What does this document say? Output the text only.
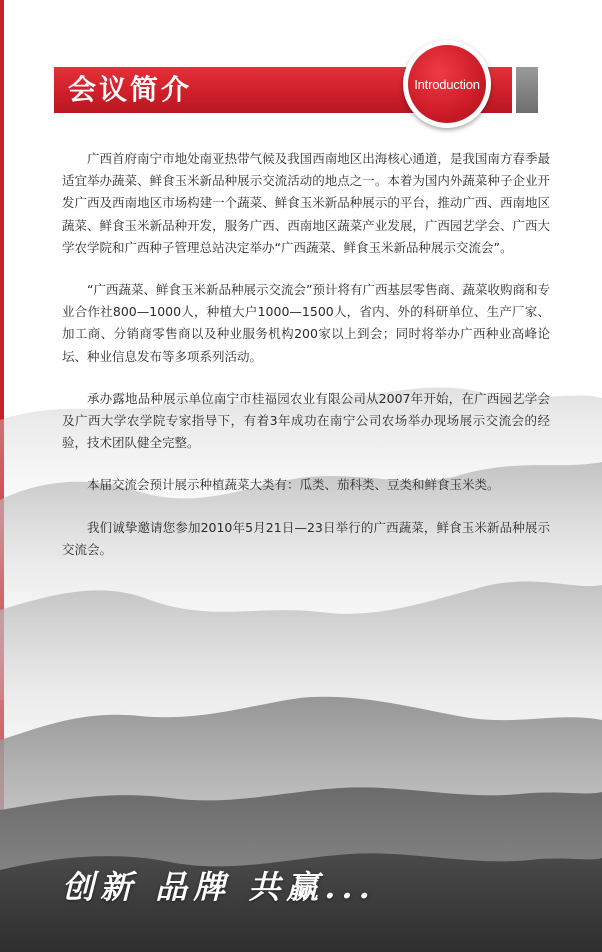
会议简介	Introduction

广西首府南宁市地处南亚热带气候及我国西南地区出海核心通道，是我国南方春季最适宜举办蔬菜、鲜食玉米新品种展示交流活动的地点之一。本着为国内外蔬菜种子企业开发广西及西南地区市场构建一个蔬菜、鲜食玉米新品种展示的平台，推动广西、西南地区蔬菜、鲜食玉米新品种开发，服务广西、西南地区蔬菜产业发展，广西园艺学会、广西大学农学院和广西种子管理总站决定举办“广西蔬菜、鲜食玉米新品种展示交流会”。

“广西蔬菜、鲜食玉米新品种展示交流会”预计将有广西基层零售商、蔬菜收购商和专业合作社800—1000人，种植大户1000—1500人，省内、外的科研单位、生产厂家、加工商、分销商零售商以及种业服务机构200家以上到会；同时将举办广西种业高峰论坛、种业信息发布等多项系列活动。

承办露地品种展示单位南宁市桂福园农业有限公司从2007年开始，在广西园艺学会及广西大学农学院专家指导下，有着3年成功在南宁公司农场举办现场展示交流会的经验，技术团队健全完整。

本届交流会预计展示种植蔬菜大类有：瓜类、茄科类、豆类和鲜食玉米类。

我们诚挚邀请您参加2010年5月21日—23日举行的广西蔬菜，鲜食玉米新品种展示交流会。

创新 品牌 共赢...
